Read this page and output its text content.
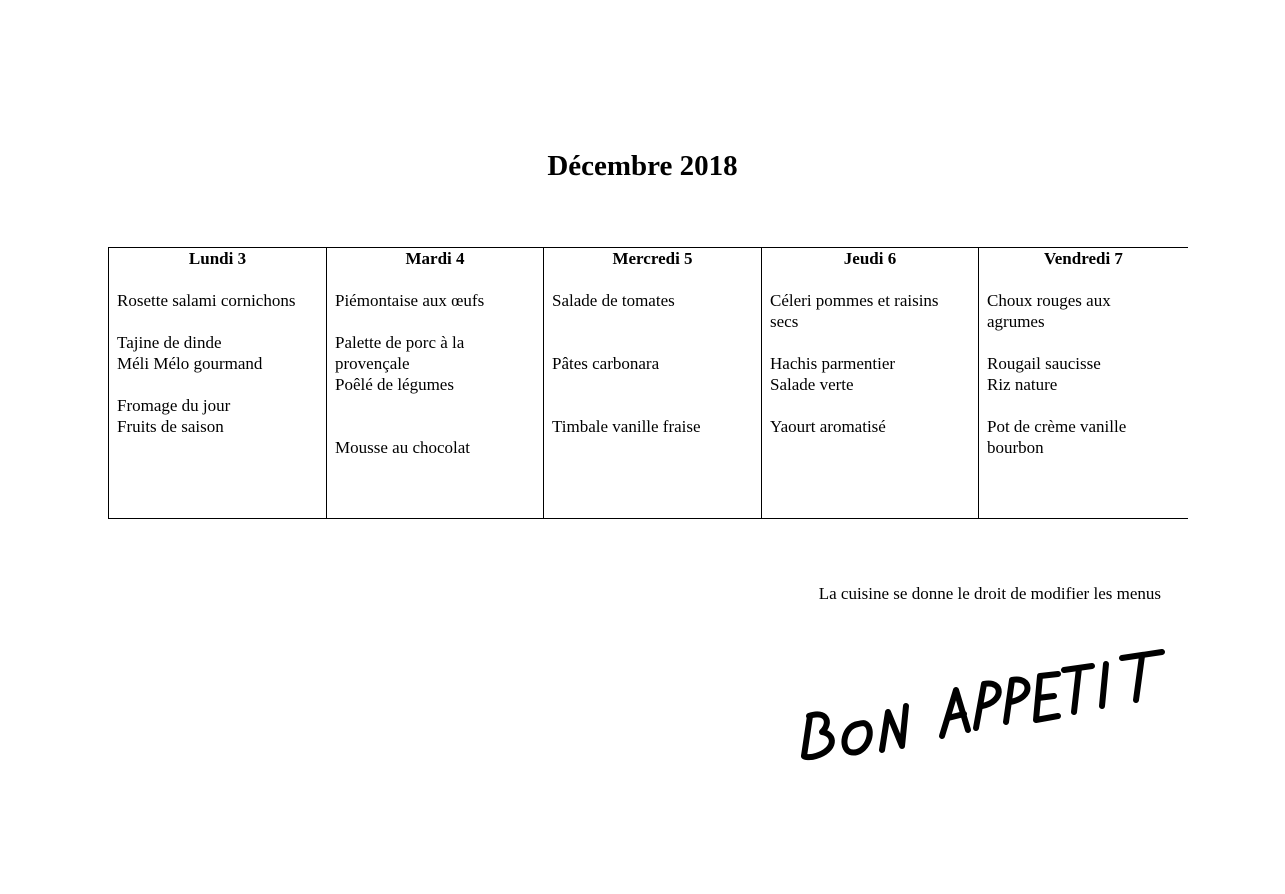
Décembre 2018
Lundi 3
Rosette salami cornichons
Tajine de dinde
Méli Mélo gourmand
Fromage du jour
Fruits de saison
Mardi 4
Piémontaise aux œufs
Palette de porc à la
provençale
Poêlé de légumes
Mousse au chocolat
Mercredi 5
Salade de tomates
Pâtes carbonara
Timbale vanille fraise
Jeudi 6
Céleri pommes et raisins
secs
Hachis parmentier
Salade verte
Yaourt aromatisé
Vendredi 7
Choux rouges aux
agrumes
Rougail saucisse
Riz nature
Pot de crème vanille
bourbon
La cuisine se donne le droit de modifier les menus
